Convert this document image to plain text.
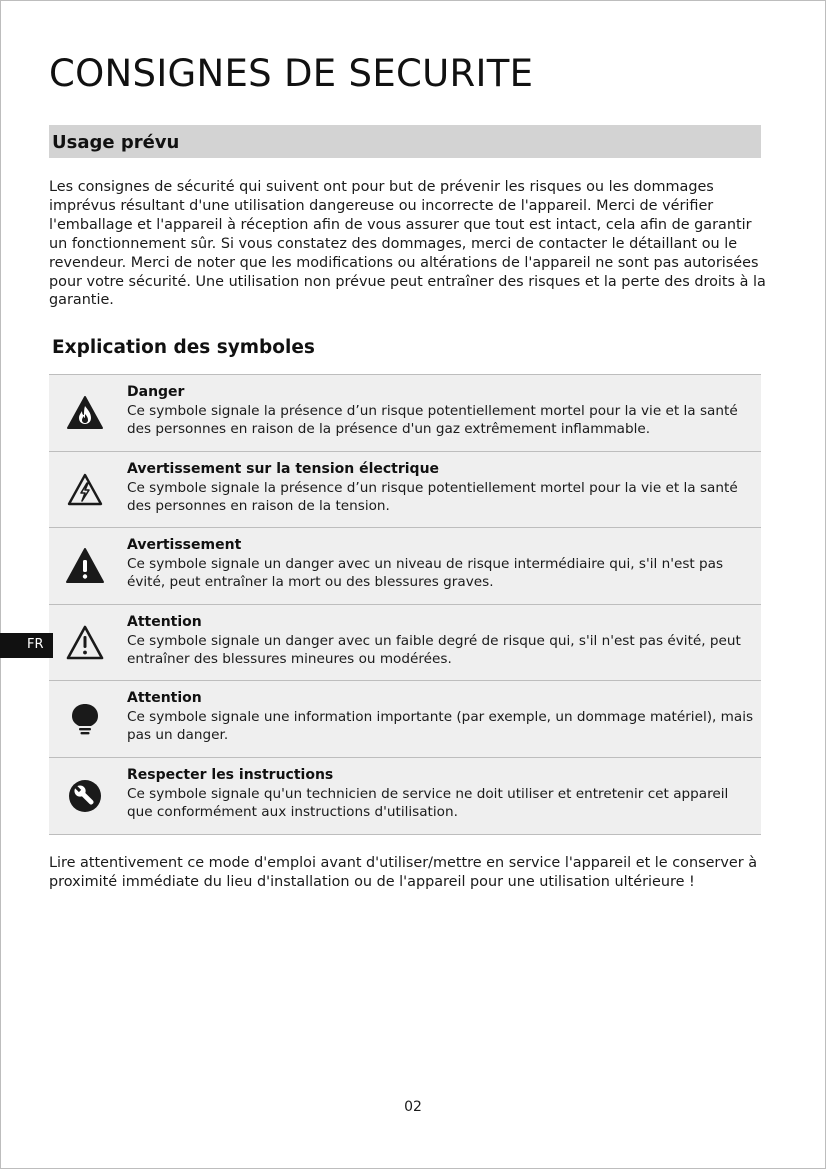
CONSIGNES DE SECURITE
Usage prévu
Les consignes de sécurité qui suivent ont pour but de prévenir les risques ou les dommages imprévus résultant d'une utilisation dangereuse ou incorrecte de l'appareil. Merci de vérifier l'emballage et l'appareil à réception afin de vous assurer que tout est intact, cela afin de garantir un fonctionnement sûr. Si vous constatez des dommages, merci de contacter le détaillant ou le revendeur. Merci de noter que les modifications ou altérations de l'appareil ne sont pas autorisées pour votre sécurité. Une utilisation non prévue peut entraîner des risques et la perte des droits à la garantie.
Explication des symboles
Danger
Ce symbole signale la présence d’un risque potentiellement mortel pour la vie et la santé des personnes en raison de la présence d'un gaz extrêmement inflammable.
Avertissement sur la tension électrique
Ce symbole signale la présence d’un risque potentiellement mortel pour la vie et la santé des personnes en raison de la tension.
Avertissement
Ce symbole signale un danger avec un niveau de risque intermédiaire qui, s'il n'est pas évité, peut entraîner la mort ou des blessures graves.
Attention
Ce symbole signale un danger avec un faible degré de risque qui, s'il n'est pas évité, peut entraîner des blessures mineures ou modérées.
Attention
Ce symbole signale une information importante (par exemple, un dommage matériel), mais pas un danger.
Respecter les instructions
Ce symbole signale qu'un technicien de service ne doit utiliser et entretenir cet appareil que conformément aux instructions d'utilisation.
FR
Lire attentivement ce mode d'emploi avant d'utiliser/mettre en service l'appareil et le conserver à proximité immédiate du lieu d'installation ou de l'appareil pour une utilisation ultérieure !
02
